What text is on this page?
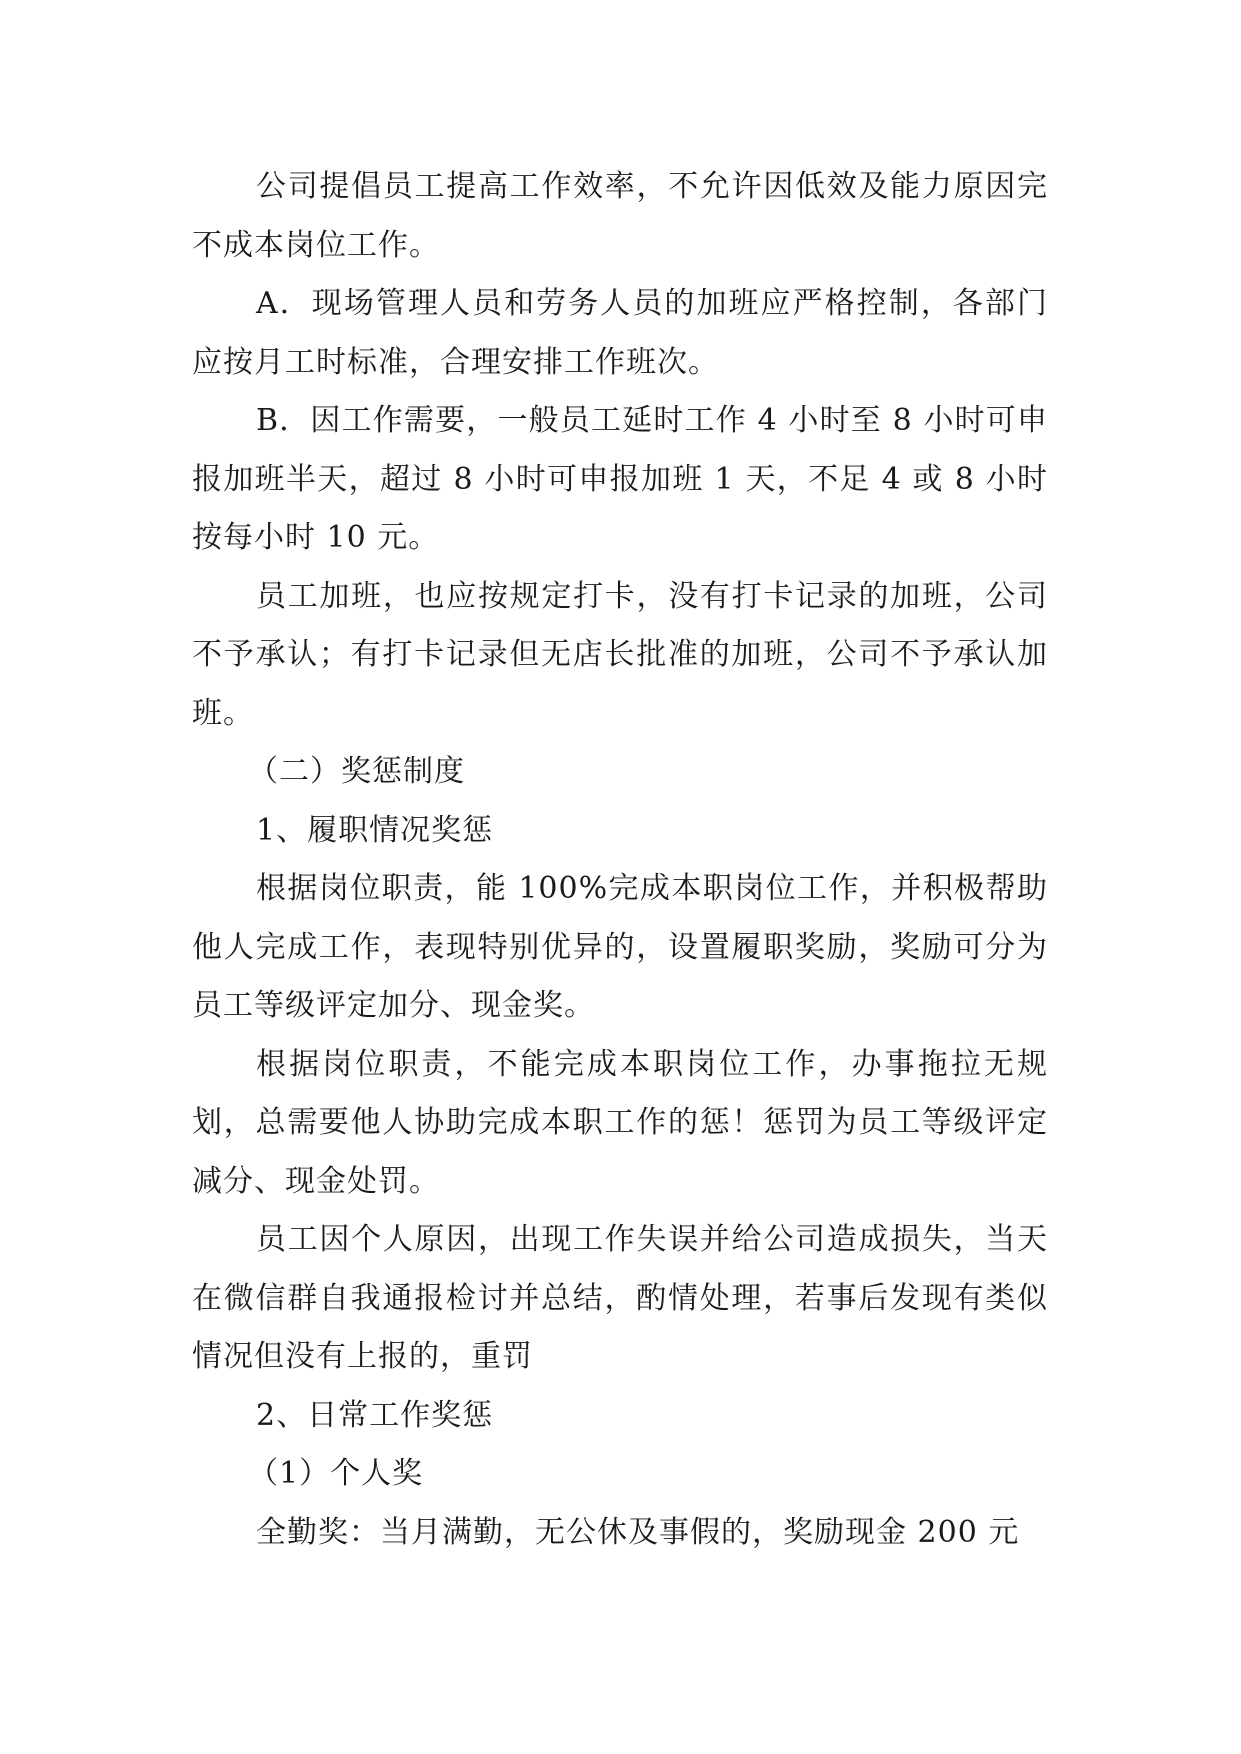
公司提倡员工提高工作效率，不允许因低效及能力原因完不成本岗位工作。

A．现场管理人员和劳务人员的加班应严格控制，各部门应按月工时标准，合理安排工作班次。

B．因工作需要，一般员工延时工作 4 小时至 8 小时可申报加班半天，超过 8 小时可申报加班 1 天，不足 4 或 8 小时按每小时 10 元。

员工加班，也应按规定打卡，没有打卡记录的加班，公司不予承认；有打卡记录但无店长批准的加班，公司不予承认加班。

（二）奖惩制度

1、履职情况奖惩

根据岗位职责，能 100%完成本职岗位工作，并积极帮助他人完成工作，表现特别优异的，设置履职奖励，奖励可分为员工等级评定加分、现金奖。

根据岗位职责，不能完成本职岗位工作，办事拖拉无规划，总需要他人协助完成本职工作的惩！惩罚为员工等级评定减分、现金处罚。

员工因个人原因，出现工作失误并给公司造成损失，当天在微信群自我通报检讨并总结，酌情处理，若事后发现有类似情况但没有上报的，重罚

2、日常工作奖惩

（1）个人奖

全勤奖：当月满勤，无公休及事假的，奖励现金 200 元
